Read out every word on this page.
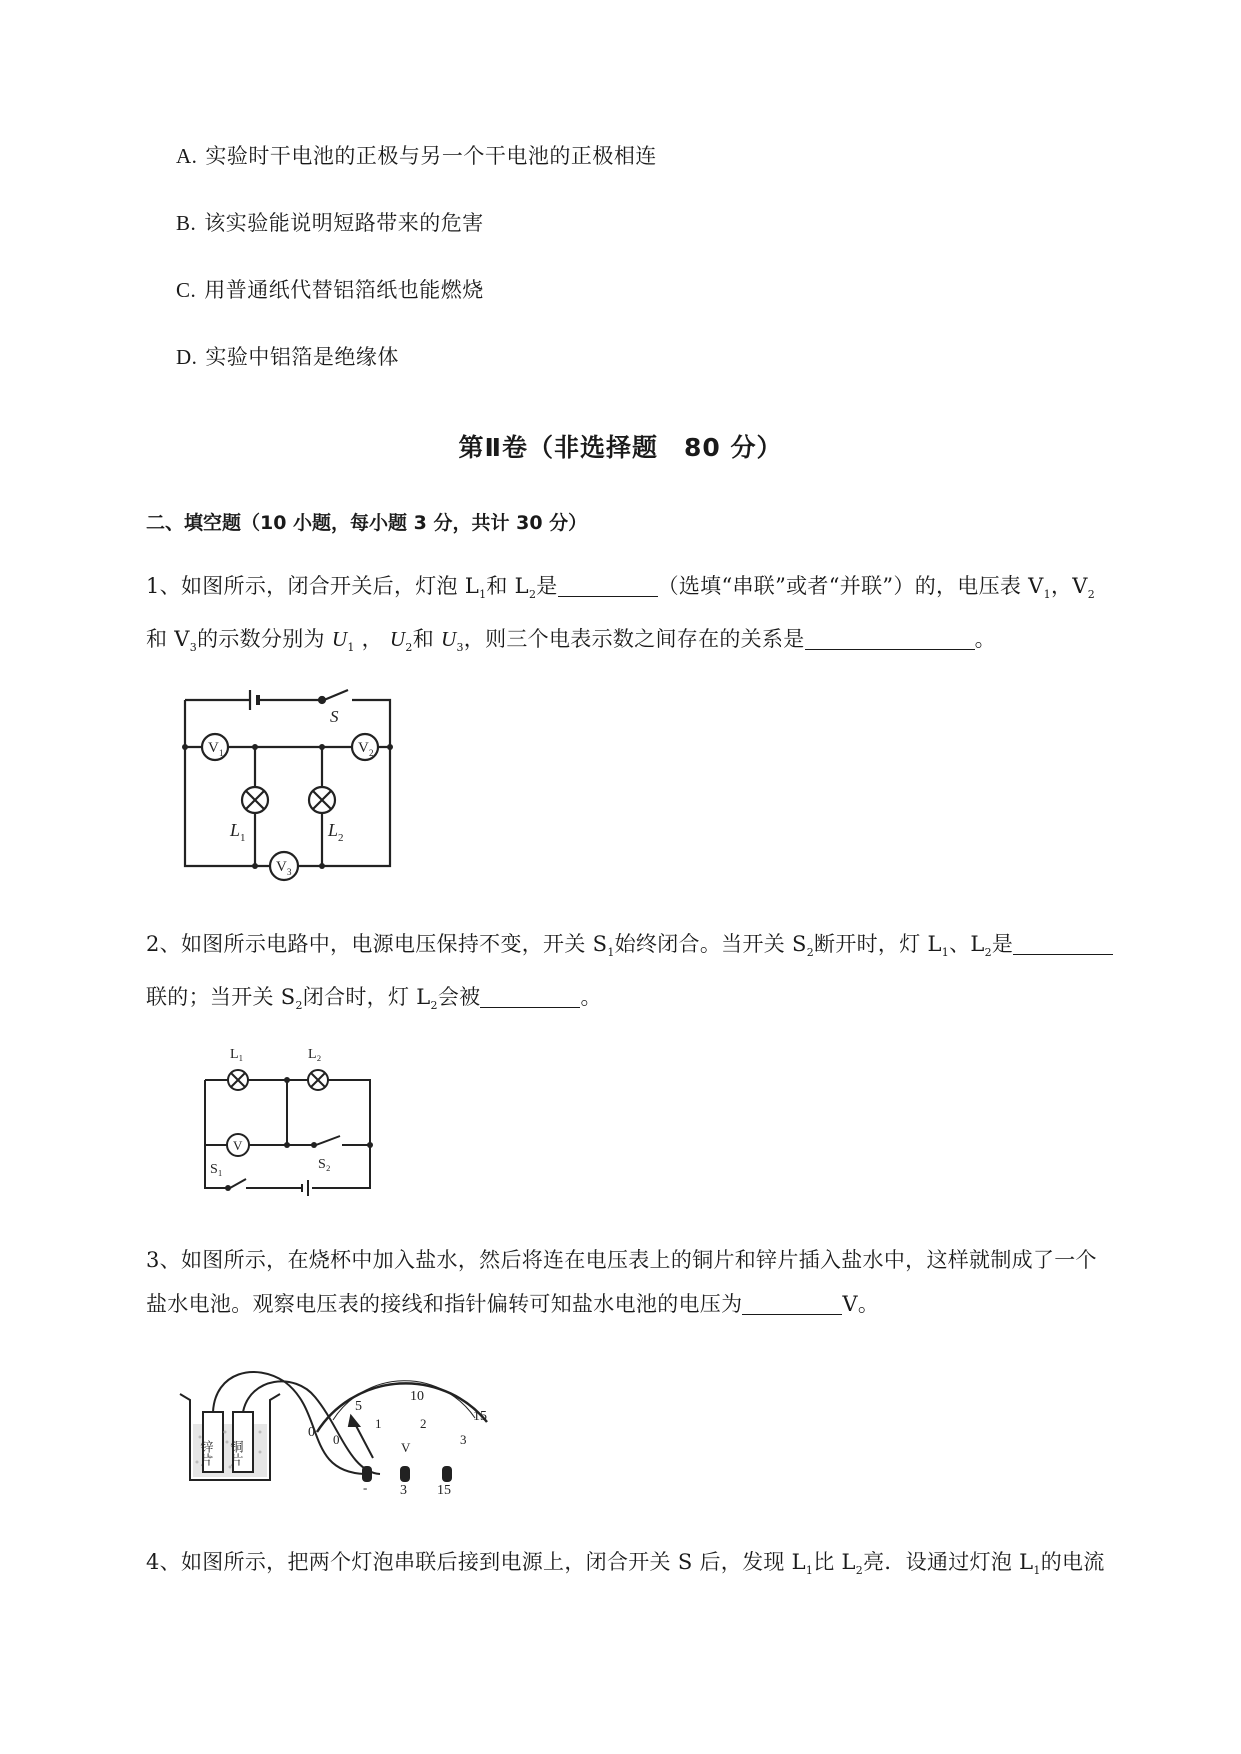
A. 实验时干电池的正极与另一个干电池的正极相连
B. 该实验能说明短路带来的危害
C. 用普通纸代替铝箔纸也能燃烧
D. 实验中铝箔是绝缘体
第Ⅱ卷（非选择题　80 分）
二、填空题（10 小题，每小题 3 分，共计 30 分）
1、如图所示，闭合开关后，灯泡 $L_1$和 $L_2$是	（选填“串联”或者“并联”）的，电压表 $V_1$，$V_2$
和 $V_3$的示数分别为 $U_1$ ， $U_2$和 $U_3$，则三个电表示数之间存在的关系是	。
S
V 1	V 2
V 3
L 1	L 2
2、如图所示电路中，电源电压保持不变，开关 $S_1$始终闭合。当开关 $S_2$断开时，灯 $L_1$、$L_2$是
联的；当开关 $S_2$闭合时，灯 $L_2$会被	。
L₁	L₂
V
S₂
S₁
3、如图所示，在烧杯中加入盐水，然后将连在电压表上的铜片和锌片插入盐水中，这样就制成了一个
盐水电池。观察电压表的接线和指针偏转可知盐水电池的电压为	V。
锌片 铜片
0
5
10
15
0
1	2
3
V
- 3 15
4、如图所示，把两个灯泡串联后接到电源上，闭合开关 S 后，发现 $L_1$比 $L_2$亮．设通过灯泡 $L_1$的电流
